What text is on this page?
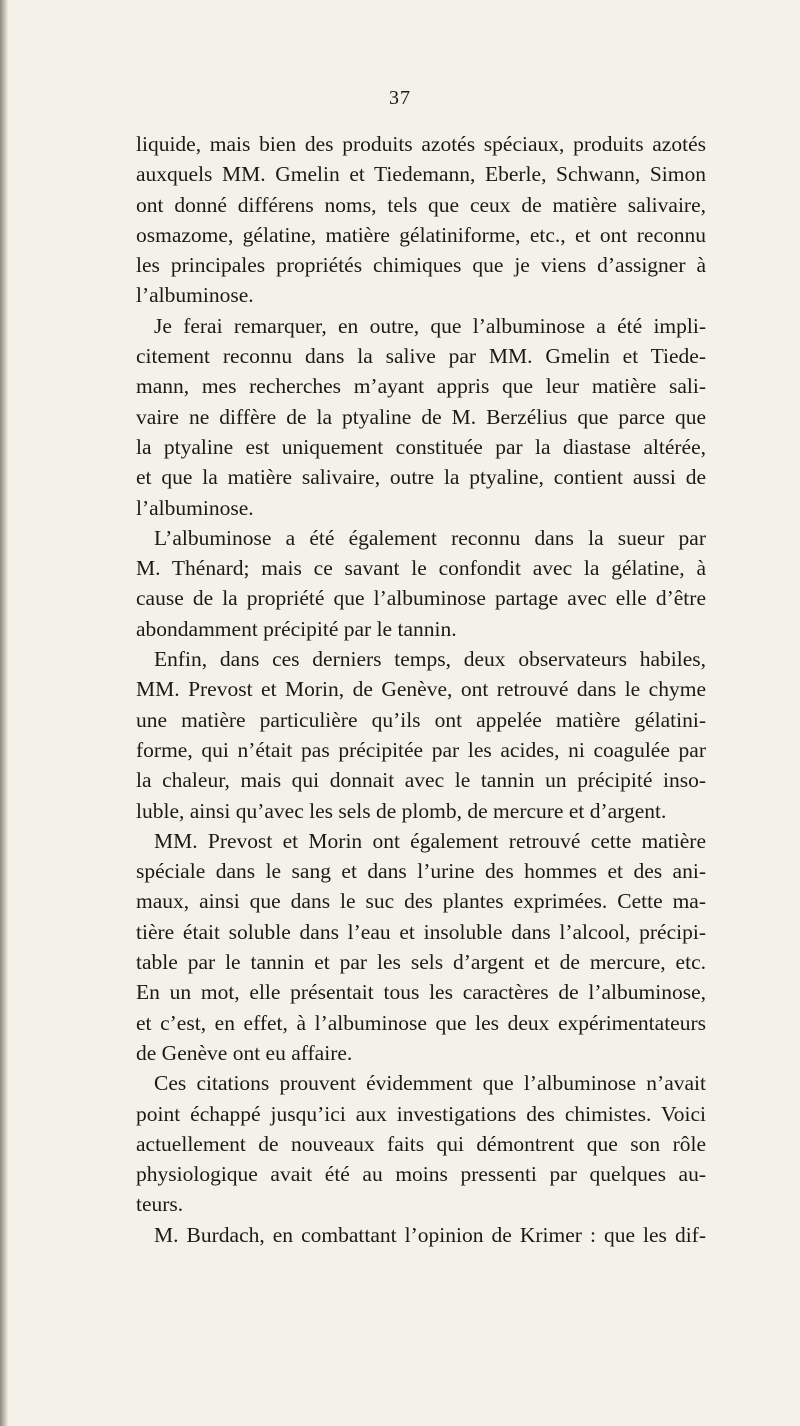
37

liquide, mais bien des produits azotés spéciaux, produits azotés
auxquels MM. Gmelin et Tiedemann, Eberle, Schwann, Simon
ont donné différens noms, tels que ceux de matière salivaire,
osmazome, gélatine, matière gélatiniforme, etc., et ont reconnu
les principales propriétés chimiques que je viens d’assigner à
l’albuminose.
Je ferai remarquer, en outre, que l’albuminose a été impli-
citement reconnu dans la salive par MM. Gmelin et Tiede-
mann, mes recherches m’ayant appris que leur matière sali-
vaire ne diffère de la ptyaline de M. Berzélius que parce que
la ptyaline est uniquement constituée par la diastase altérée,
et que la matière salivaire, outre la ptyaline, contient aussi de
l’albuminose.
L’albuminose a été également reconnu dans la sueur par
M. Thénard; mais ce savant le confondit avec la gélatine, à
cause de la propriété que l’albuminose partage avec elle d’être
abondamment précipité par le tannin.
Enfin, dans ces derniers temps, deux observateurs habiles,
MM. Prevost et Morin, de Genève, ont retrouvé dans le chyme
une matière particulière qu’ils ont appelée matière gélatini-
forme, qui n’était pas précipitée par les acides, ni coagulée par
la chaleur, mais qui donnait avec le tannin un précipité inso-
luble, ainsi qu’avec les sels de plomb, de mercure et d’argent.
MM. Prevost et Morin ont également retrouvé cette matière
spéciale dans le sang et dans l’urine des hommes et des ani-
maux, ainsi que dans le suc des plantes exprimées. Cette ma-
tière était soluble dans l’eau et insoluble dans l’alcool, précipi-
table par le tannin et par les sels d’argent et de mercure, etc.
En un mot, elle présentait tous les caractères de l’albuminose,
et c’est, en effet, à l’albuminose que les deux expérimentateurs
de Genève ont eu affaire.
Ces citations prouvent évidemment que l’albuminose n’avait
point échappé jusqu’ici aux investigations des chimistes. Voici
actuellement de nouveaux faits qui démontrent que son rôle
physiologique avait été au moins pressenti par quelques au-
teurs.
M. Burdach, en combattant l’opinion de Krimer : que les dif-
